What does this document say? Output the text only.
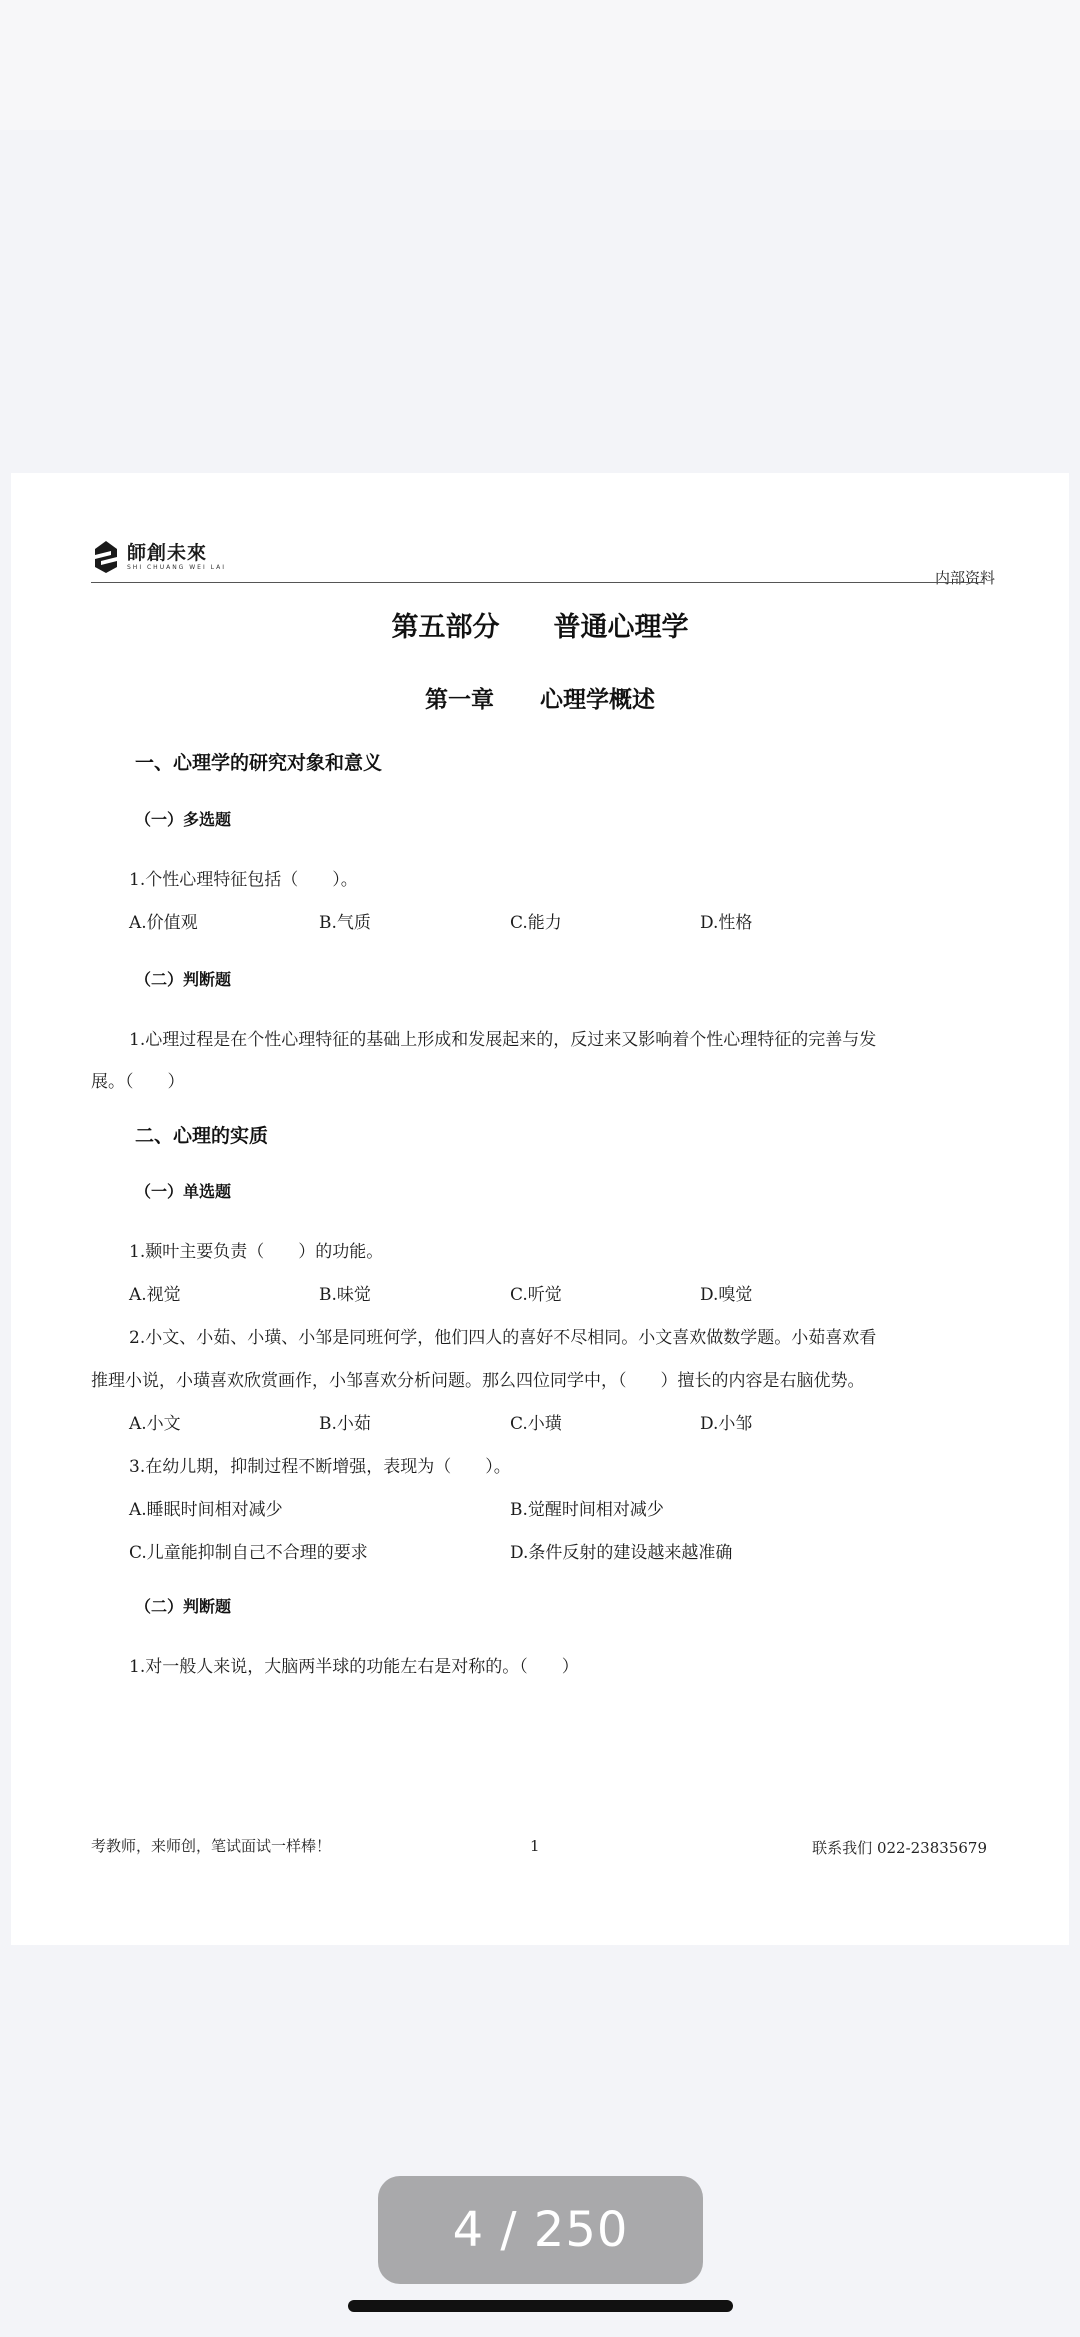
師創未來
SHI CHUANG WEI LAI
内部资料
第五部分　　普通心理学
第一章　　心理学概述
一、心理学的研究对象和意义
（一）多选题
1.个性心理特征包括（　　）。
A.价值观	B.气质	C.能力	D.性格
（二）判断题
1.心理过程是在个性心理特征的基础上形成和发展起来的，反过来又影响着个性心理特征的完善与发
展。（　　）
二、心理的实质
（一）单选题
1.颞叶主要负责（　　）的功能。
A.视觉	B.味觉	C.听觉	D.嗅觉
2.小文、小茹、小璜、小邹是同班何学，他们四人的喜好不尽相同。小文喜欢做数学题。小茹喜欢看
推理小说，小璜喜欢欣赏画作，小邹喜欢分析问题。那么四位同学中，（　　）擅长的内容是右脑优势。
A.小文	B.小茹	C.小璜	D.小邹
3.在幼儿期，抑制过程不断增强，表现为（　　）。
A.睡眠时间相对减少	B.觉醒时间相对减少
C.儿童能抑制自己不合理的要求	D.条件反射的建设越来越准确
（二）判断题
1.对一般人来说，大脑两半球的功能左右是对称的。（　　）
考教师，来师创，笔试面试一样棒！	1	联系我们 022-23835679
4 / 250
